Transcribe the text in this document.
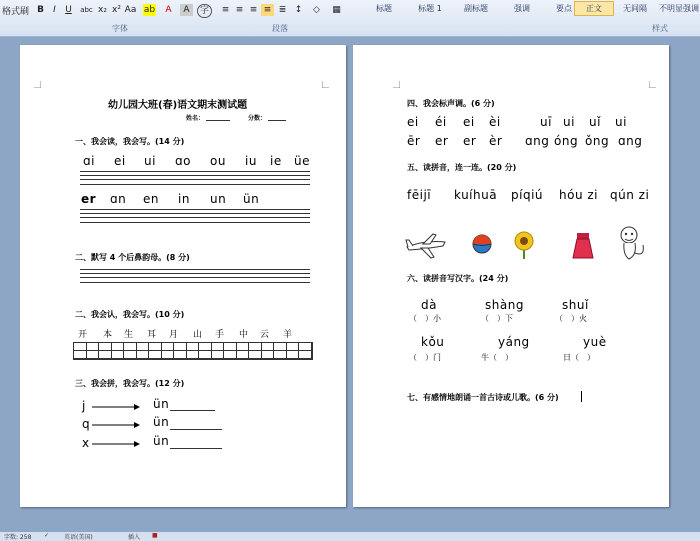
格式刷 B	I	U	abc x₂ x² Aa ab	A	A	字	≡ ≡ ≡ ≡ ≣ ↕	◇	▦	标题	标题 1	副标题	强调	要点	正文	无间隔	不明显强调
字体	段落	样式
幼儿园大班(春)语文期末测试题
姓名：	分数：
一、我会读，我会写。(14 分)
ɑi ei ui ɑo ou iu ie üe
er ɑn en in un ün
二、默写 4 个后鼻韵母。(8 分)
二、我会认，我会写。(10 分)
开 本 生 耳 月 山 手 中 云 羊
三、我会拼，我会写。(12 分)
j	ün
q	ün
x	ün
四、我会标声调。(6 分)
ei éi ei èi	uī ui uǐ ui
ēr er er èr ɑng óng ǒng ɑng
五、读拼音，连一连。(20 分)
fēijī kuíhuā píqiú hóu zi qún zi
六、读拼音写汉字。(24 分)
dà	shàng	shuǐ
（　）小	（　）下	（　）火
kǒu	yáng	yuè
（　）门	牛（　）	日（　）
七、有感情地朗诵一首古诗或儿歌。(6 分)
字数: 258 ✓ 英语(美国)	插入 ■
